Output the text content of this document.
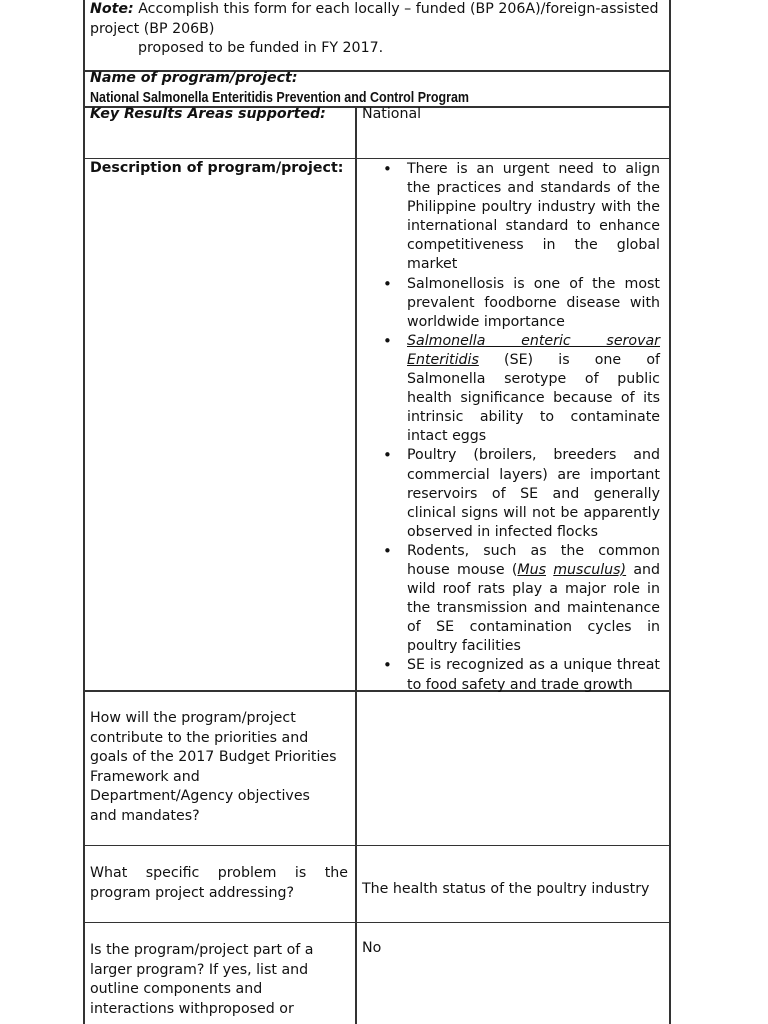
Note: Accomplish this form for each locally – funded (BP 206A)/foreign-assisted project (BP 206B)
proposed to be funded in FY 2017.
Name of program/project:
National Salmonella Enteritidis Prevention and Control Program
Key Results Areas supported:	National
Description of program/project:
•	There is an urgent need to align the practices and standards of the Philippine poultry industry with the international standard to enhance competitiveness in the global market
• Salmonellosis is one of the most prevalent foodborne disease with worldwide importance
• Salmonella enteric serovar Enteritidis (SE) is one of Salmonella serotype of public health significance because of its intrinsic ability to contaminate intact eggs
• Poultry (broilers, breeders and commercial layers) are important reservoirs of SE and generally clinical signs will not be apparently observed in infected flocks
• Rodents, such as the common house mouse (Mus musculus) and wild roof rats play a major role in the transmission and maintenance of SE contamination cycles in poultry facilities
• SE is recognized as a unique threat to food safety and trade growth
How will the program/project contribute to the priorities and goals of the 2017 Budget Priorities Framework and Department/Agency objectives and mandates?
What specific problem is the program project addressing?	The health status of the poultry industry
Is the program/project part of a larger program? If yes, list and outline components and interactions withproposed or
No
